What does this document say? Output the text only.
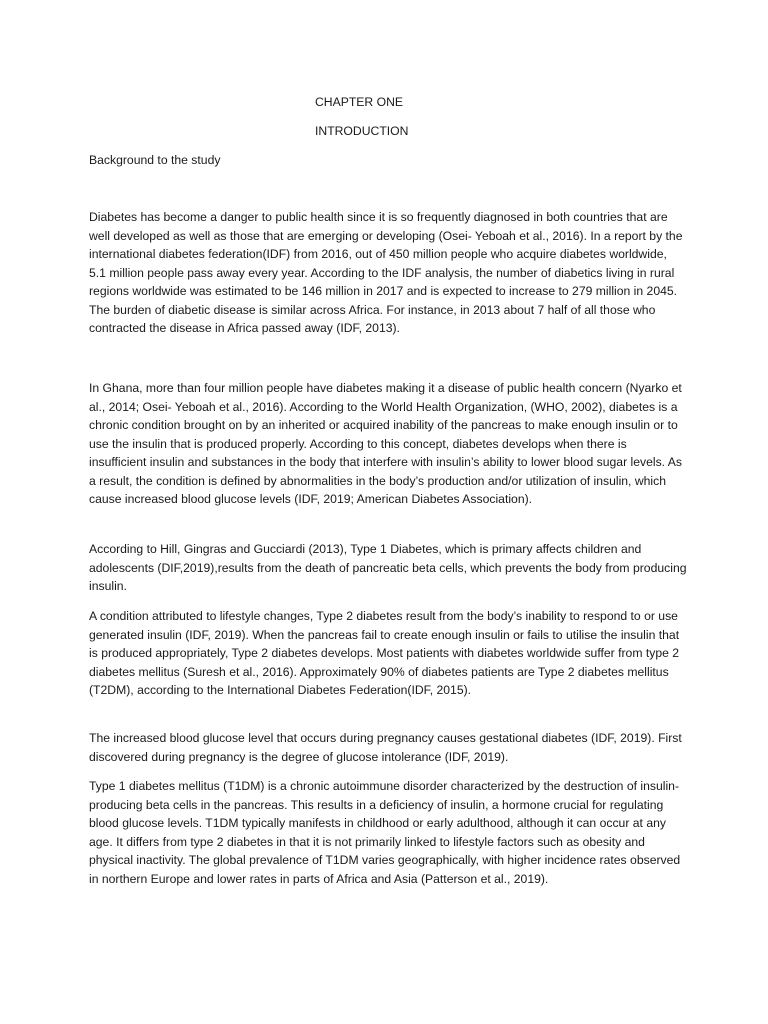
CHAPTER ONE
INTRODUCTION
Background to the study

Diabetes has become a danger to public health since it is so frequently diagnosed in both countries that are well developed as well as those that are emerging or developing (Osei- Yeboah et al., 2016). In a report by the international diabetes federation(IDF) from 2016, out of 450 million people who acquire diabetes worldwide, 5.1 million people pass away every year. According to the IDF analysis, the number of diabetics living in rural regions worldwide was estimated to be 146 million in 2017 and is expected to increase to 279 million in 2045. The burden of diabetic disease is similar across Africa. For instance, in 2013 about 7 half of all those who contracted the disease in Africa passed away (IDF, 2013).

In Ghana, more than four million people have diabetes making it a disease of public health concern (Nyarko et al., 2014; Osei- Yeboah et al., 2016). According to the World Health Organization, (WHO, 2002), diabetes is a chronic condition brought on by an inherited or acquired inability of the pancreas to make enough insulin or to use the insulin that is produced properly. According to this concept, diabetes develops when there is insufficient insulin and substances in the body that interfere with insulin’s ability to lower blood sugar levels. As a result, the condition is defined by abnormalities in the body’s production and/or utilization of insulin, which cause increased blood glucose levels (IDF, 2019; American Diabetes Association).

According to Hill, Gingras and Gucciardi (2013), Type 1 Diabetes, which is primary affects children and adolescents (DIF,2019),results from the death of pancreatic beta cells, which prevents the body from producing insulin.

A condition attributed to lifestyle changes, Type 2 diabetes result from the body’s inability to respond to or use generated insulin (IDF, 2019). When the pancreas fail to create enough insulin or fails to utilise the insulin that is produced appropriately, Type 2 diabetes develops. Most patients with diabetes worldwide suffer from type 2 diabetes mellitus (Suresh et al., 2016). Approximately 90% of diabetes patients are Type 2 diabetes mellitus (T2DM), according to the International Diabetes Federation(IDF, 2015).

The increased blood glucose level that occurs during pregnancy causes gestational diabetes (IDF, 2019). First discovered during pregnancy is the degree of glucose intolerance (IDF, 2019).

Type 1 diabetes mellitus (T1DM) is a chronic autoimmune disorder characterized by the destruction of insulin-producing beta cells in the pancreas. This results in a deficiency of insulin, a hormone crucial for regulating blood glucose levels. T1DM typically manifests in childhood or early adulthood, although it can occur at any age. It differs from type 2 diabetes in that it is not primarily linked to lifestyle factors such as obesity and physical inactivity. The global prevalence of T1DM varies geographically, with higher incidence rates observed in northern Europe and lower rates in parts of Africa and Asia (Patterson et al., 2019).
